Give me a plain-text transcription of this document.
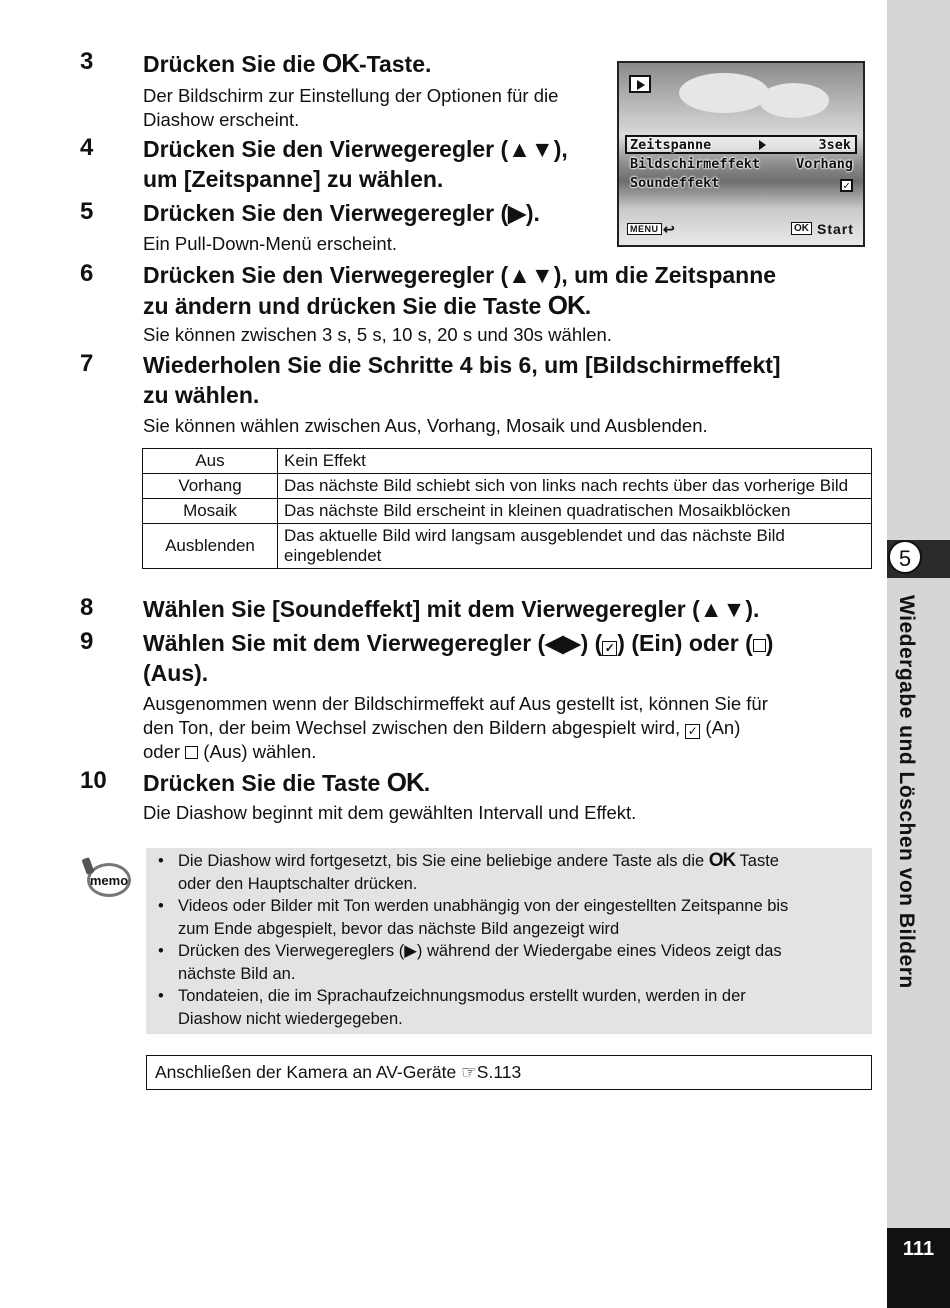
5
Wiedergabe und Löschen von Bildern
111
3 Drücken Sie die OK-Taste.
Der Bildschirm zur Einstellung der Optionen für die
Diashow erscheint.
Zeitspanne	3sek
Bildschirmeffekt	Vorhang
Soundeffekt	✓
MENU ↩	OK Start
4 Drücken Sie den Vierwegeregler (▲▼),
um [Zeitspanne] zu wählen.
5 Drücken Sie den Vierwegeregler (▶).
Ein Pull-Down-Menü erscheint.
6 Drücken Sie den Vierwegeregler (▲▼), um die Zeitspanne
zu ändern und drücken Sie die Taste OK.
Sie können zwischen 3 s, 5 s, 10 s, 20 s und 30s wählen.
7 Wiederholen Sie die Schritte 4 bis 6, um [Bildschirmeffekt]
zu wählen.
Sie können wählen zwischen Aus, Vorhang, Mosaik und Ausblenden.
Aus	Kein Effekt
Vorhang	Das nächste Bild schiebt sich von links nach rechts über das vorherige Bild
Mosaik	Das nächste Bild erscheint in kleinen quadratischen Mosaikblöcken
Ausblenden	Das aktuelle Bild wird langsam ausgeblendet und das nächste Bild
eingeblendet
8 Wählen Sie [Soundeffekt] mit dem Vierwegeregler (▲▼).
9 Wählen Sie mit dem Vierwegeregler (◀▶) ( ✓ ) (Ein) oder ( )
(Aus).
Ausgenommen wenn der Bildschirmeffekt auf Aus gestellt ist, können Sie für
den Ton, der beim Wechsel zwischen den Bildern abgespielt wird, ✓ (An)
oder  (Aus) wählen.
10 Drücken Sie die Taste OK.
Die Diashow beginnt mit dem gewählten Intervall und Effekt.
memo
• Die Diashow wird fortgesetzt, bis Sie eine beliebige andere Taste als die OK Taste
oder den Hauptschalter drücken.
• Videos oder Bilder mit Ton werden unabhängig von der eingestellten Zeitspanne bis
zum Ende abgespielt, bevor das nächste Bild angezeigt wird
• Drücken des Vierwegereglers (▶) während der Wiedergabe eines Videos zeigt das
nächste Bild an.
• Tondateien, die im Sprachaufzeichnungsmodus erstellt wurden, werden in der
Diashow nicht wiedergegeben.
Anschließen der Kamera an AV-Geräte ☞S.113
